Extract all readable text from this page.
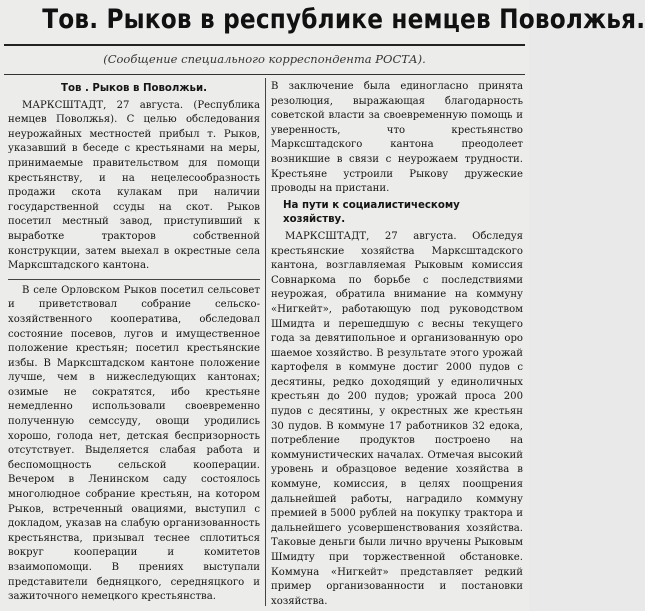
Тов. Рыков в республике немцев Поволжья.
(Сообщение специального корреспондента РОСТА).
Тов . Рыков в Поволжьи.

МАРКСШТАДТ, 27 августа. (Республика немцев Поволжья). С целью обследования неурожайных местностей прибыл т. Рыков, указавший в беседе с крестьянами на меры, принимаемые правительством для помощи крестьянству, и на нецелесообразность продажи скота кулакам при наличии государственной ссуды на скот. Рыков посетил местный завод, приступивший к выработке тракторов собственной конструкции, затем выехал в окрестные села Марксштадского кантона.

В селе Орловском Рыков посетил сельсовет и приветствовал собрание сельско-хозяйственного кооператива, обследовал состояние посевов, лугов и имущественное положение крестьян; посетил крестьянские избы. В Марксштадском кантоне положение лучше, чем в нижеследующих кантонах; озимые не сократятся, ибо крестьяне немедленно использовали своевременно полученную семссуду, овощи уродились хорошо, голода нет, детская беспризорность отсутствует. Выделяется слабая работа и беспомощность сельской кооперации. Вечером в Ленинском саду состоялось многолюдное собрание крестьян, на котором Рыков, встреченный овациями, выступил с докладом, указав на слабую организованность крестьянства, призывал теснее сплотиться вокруг кооперации и комитетов взаимопомощи. В прениях выступали представители бедняцкого, середняцкого и зажиточного немецкого крестьянства.

В заключение была единогласно принята резолюция, выражающая благодарность советской власти за своевременную помощь и уверенность, что крестьянство Марксштадского кантона преодолеет возникшие в связи с неурожаем трудности. Крестьяне устроили Рыкову дружеские проводы на пристани.

На пути к социалистическому хозяйству.

МАРКСШТАДТ, 27 августа. Обследуя крестьянские хозяйства Марксштадского кантона, возглавляемая Рыковым комиссия Совнаркома по борьбе с последствиями неурожая, обратила внимание на коммуну «Нигкейт», работающую под руководством Шмидта и перешедшую с весны текущего года за девятипольное и организованную оро шаемое хозяйство. В результате этого урожай картофеля в коммуне достиг 2000 пудов с десятины, редко доходящий у единоличных крестьян до 200 пудов; урожай проса 200 пудов с десятины, у окрестных же крестьян 30 пудов. В коммуне 17 работников 32 едока, потребление продуктов построено на коммунистических началах. Отмечая высокий уровень и образцовое ведение хозяйства в коммуне, комиссия, в целях поощрения дальнейшей работы, наградило коммуну премией в 5000 рублей на покупку трактора и дальнейшего усовершенствования хозяйства. Таковые деньги были лично вручены Рыковым Шмидту при торжественной обстановке. Коммуна «Нигкейт» представляет редкий пример организованности и постановки хозяйства.
